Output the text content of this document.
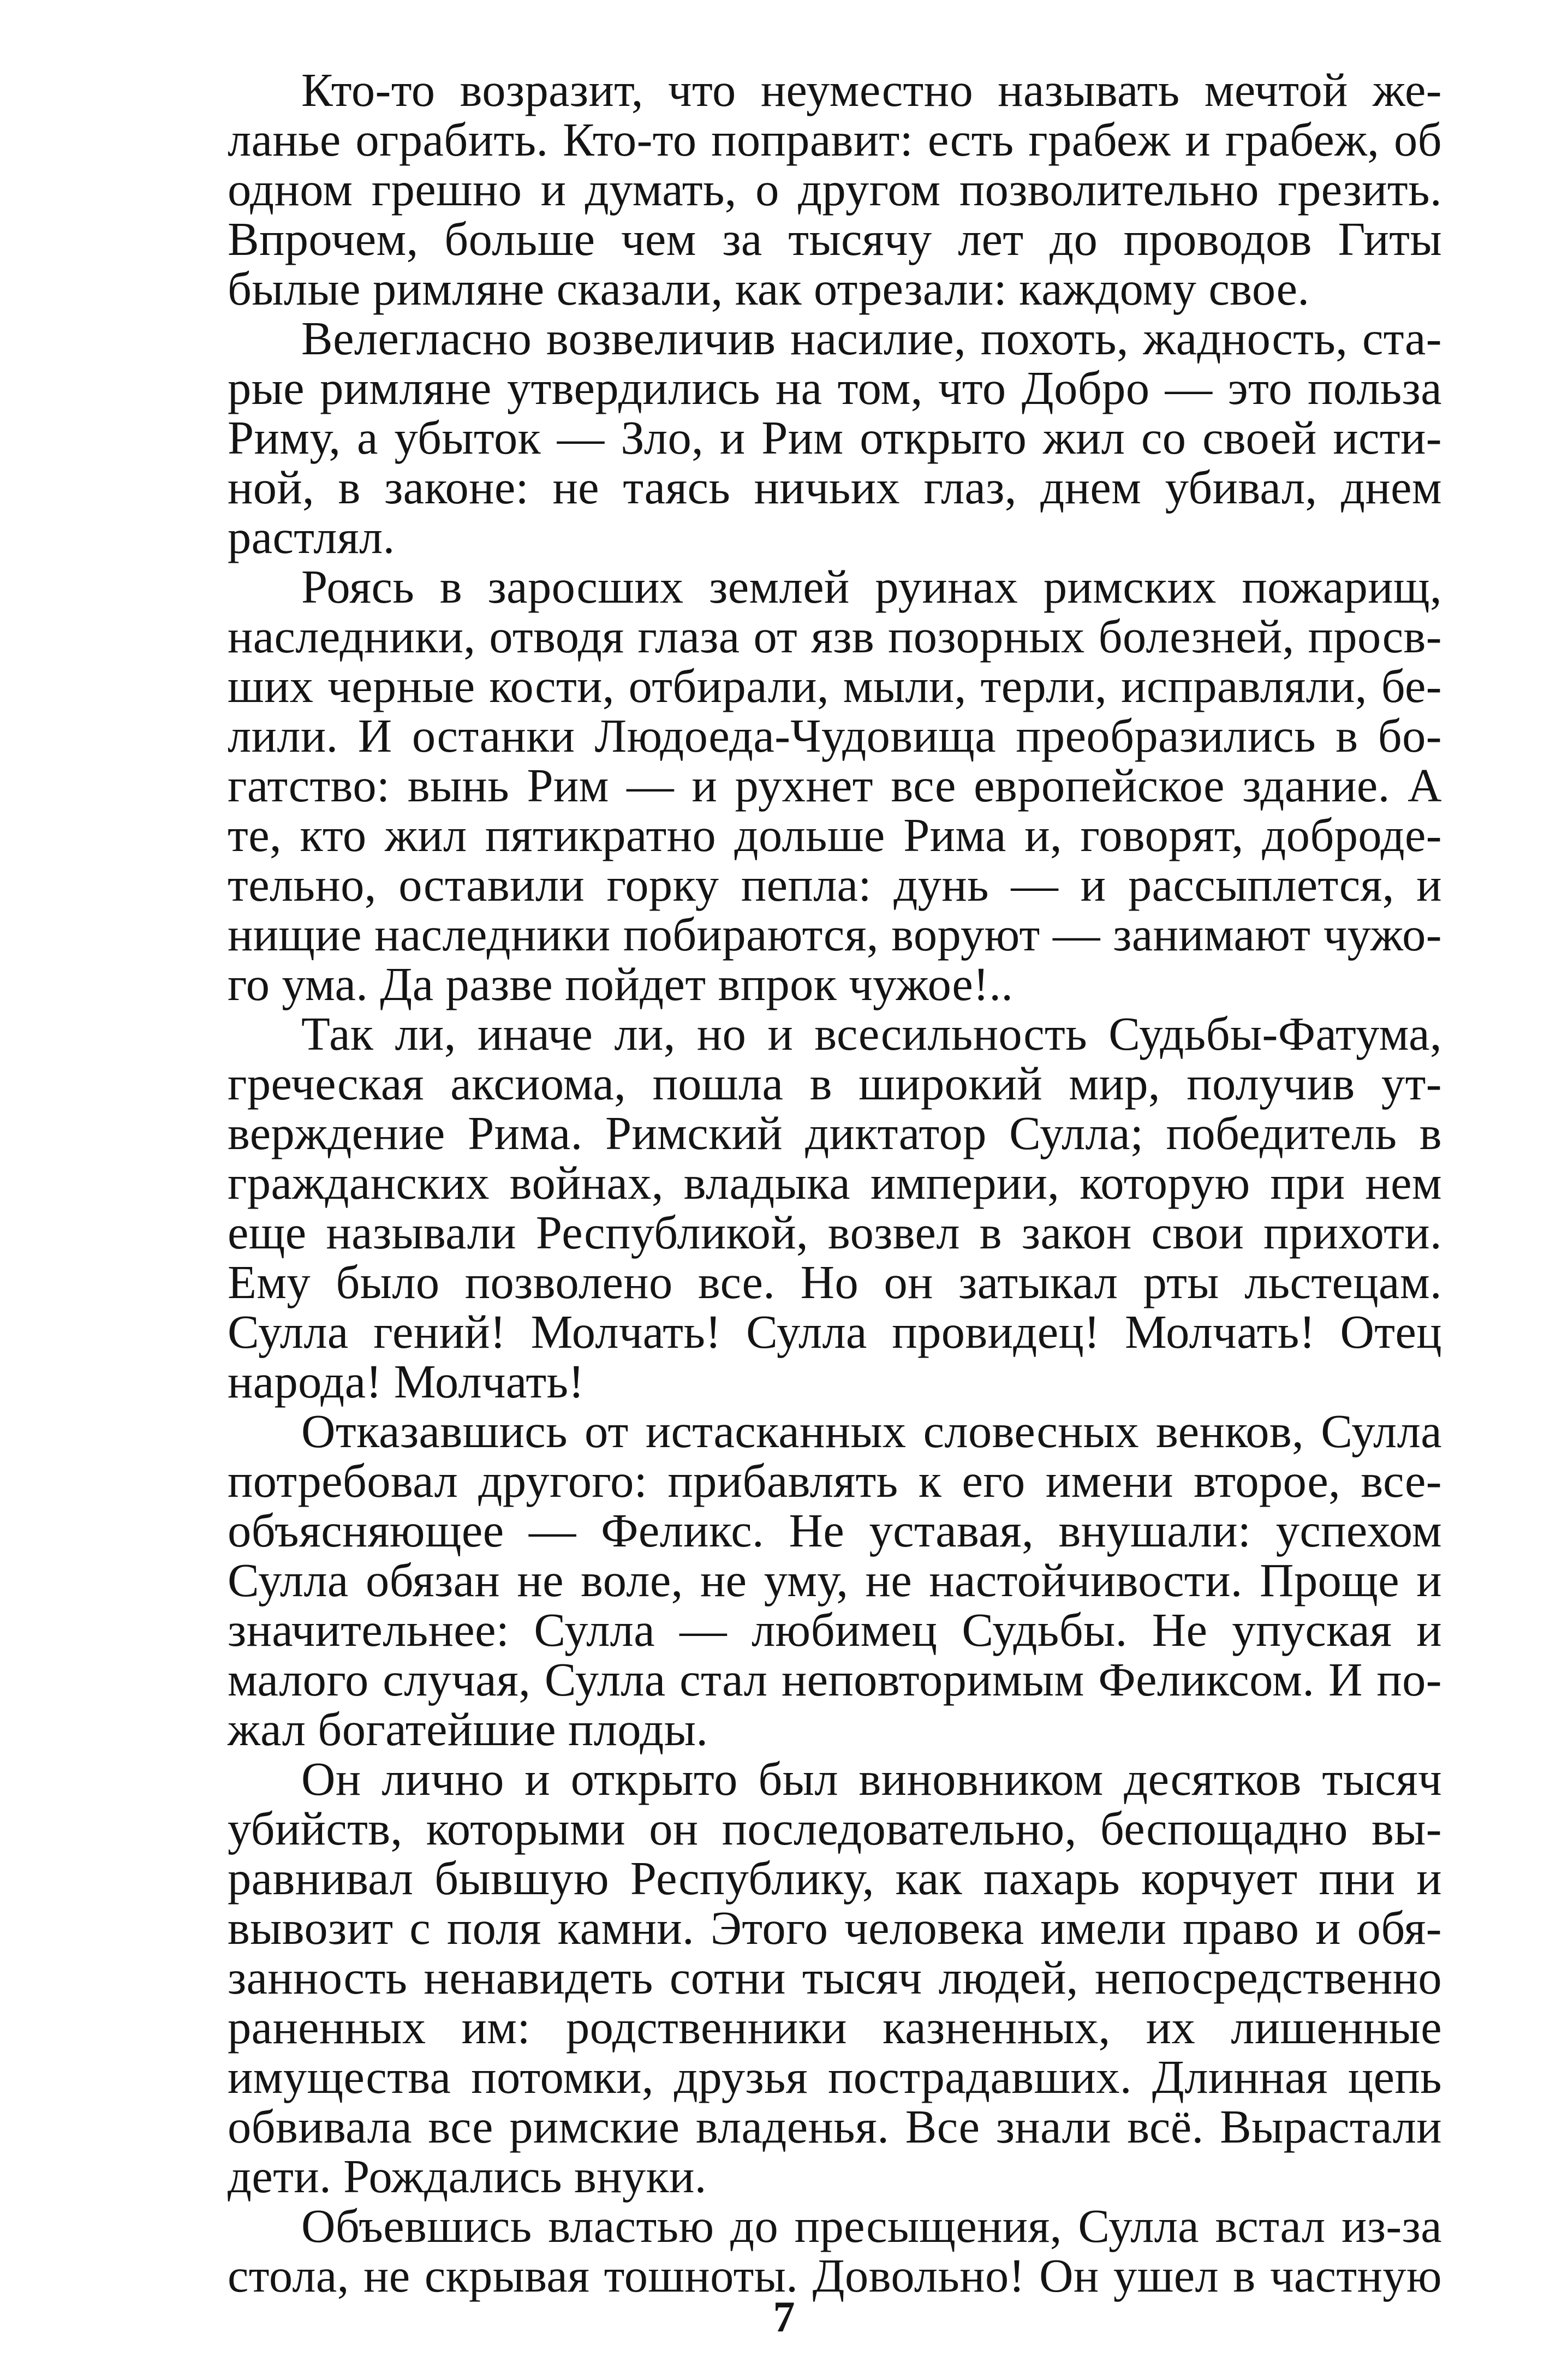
Кто-то возразит, что неуместно называть мечтой же-
ланье ограбить. Кто-то поправит: есть грабеж и грабеж, об
одном грешно и думать, о другом позволительно грезить.
Впрочем, больше чем за тысячу лет до проводов Гиты
былые римляне сказали, как отрезали: каждому свое.
Велегласно возвеличив насилие, похоть, жадность, ста-
рые римляне утвердились на том, что Добро — это польза
Риму, а убыток — Зло, и Рим открыто жил со своей исти-
ной, в законе: не таясь ничьих глаз, днем убивал, днем
растлял.
Роясь в заросших землей руинах римских пожарищ,
наследники, отводя глаза от язв позорных болезней, просв-
ших черные кости, отбирали, мыли, терли, исправляли, бе-
лили. И останки Людоеда-Чудовища преобразились в бо-
гатство: вынь Рим — и рухнет все европейское здание. А
те, кто жил пятикратно дольше Рима и, говорят, доброде-
тельно, оставили горку пепла: дунь — и рассыплется, и
нищие наследники побираются, воруют — занимают чужо-
го ума. Да разве пойдет впрок чужое!..
Так ли, иначе ли, но и всесильность Судьбы-Фатума,
греческая аксиома, пошла в широкий мир, получив ут-
верждение Рима. Римский диктатор Сулла; победитель в
гражданских войнах, владыка империи, которую при нем
еще называли Республикой, возвел в закон свои прихоти.
Ему было позволено все. Но он затыкал рты льстецам.
Сулла гений! Молчать! Сулла провидец! Молчать! Отец
народа! Молчать!
Отказавшись от истасканных словесных венков, Сулла
потребовал другого: прибавлять к его имени второе, все-
объясняющее — Феликс. Не уставая, внушали: успехом
Сулла обязан не воле, не уму, не настойчивости. Проще и
значительнее: Сулла — любимец Судьбы. Не упуская и
малого случая, Сулла стал неповторимым Феликсом. И по-
жал богатейшие плоды.
Он лично и открыто был виновником десятков тысяч
убийств, которыми он последовательно, беспощадно вы-
равнивал бывшую Республику, как пахарь корчует пни и
вывозит с поля камни. Этого человека имели право и обя-
занность ненавидеть сотни тысяч людей, непосредственно
раненных им: родственники казненных, их лишенные
имущества потомки, друзья пострадавших. Длинная цепь
обвивала все римские владенья. Все знали всё. Вырастали
дети. Рождались внуки.
Объевшись властью до пресыщения, Сулла встал из-за
стола, не скрывая тошноты. Довольно! Он ушел в частную
7
